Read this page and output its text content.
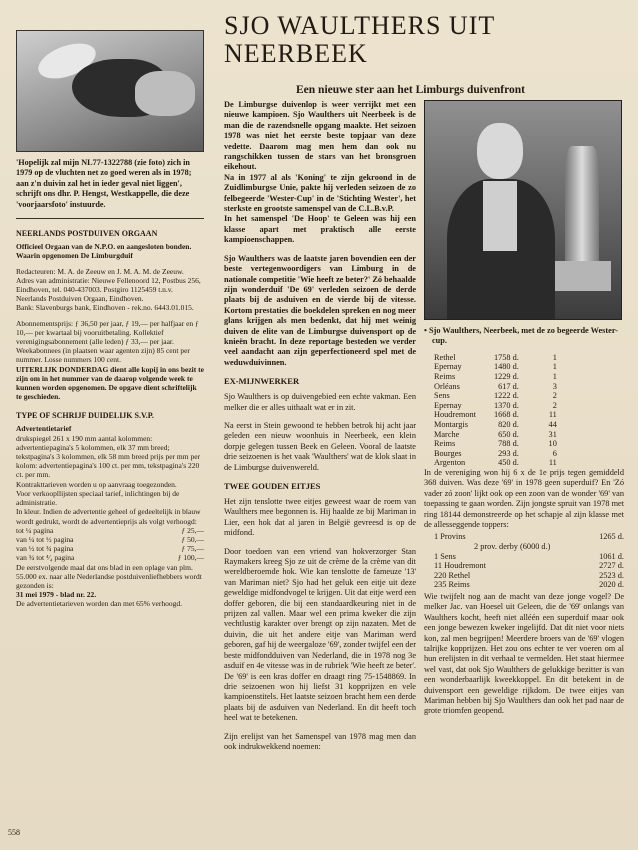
'Hopelijk zal mijn NL77-1322788 (zie foto) zich in 1979 op de vluchten net zo goed weren als in 1978; aan z'n duivin zal het in ieder geval niet liggen', schrijft ons dhr. P. Hengst, Westkappelle, die deze 'voorjaarsfoto' instuurde.

NEERLANDS POSTDUIVEN ORGAAN

Officieel Orgaan van de N.P.O. en aangesloten bonden.

Waarin opgenomen De Limburgduif

Redacteuren: M. A. de Zeeuw en J. M. A. M. de Zeeuw.

Adres van administratie: Nieuwe Fellenoord 12, Postbus 256, Eindhoven, tel. 040-437003. Postgiro 1125459 t.n.v. Neerlands Postduiven Orgaan, Eindhoven.

Bank: Slavenburgs bank, Eindhoven - rek.no. 6443.01.015.

Abonnementsprijs: ƒ 36,50 per jaar, ƒ 19,— per halfjaar en ƒ 10,— per kwartaal bij vooruitbetaling. Kollektief verenigingsabonnement (alle leden) ƒ 33,— per jaar. Weekabonnees (in plaatsen waar agenten zijn) 85 cent per nummer. Losse nummers 100 cent.

UITERLIJK DONDERDAG dient alle kopij in ons bezit te zijn om in het nummer van de daarop volgende week te kunnen worden opgenomen. De opgave dient schriftelijk te geschieden.

TYPE OF SCHRIJF DUIDELIJK S.V.P.

Advertentietarief

drukspiegel 261 x 190 mm aantal kolommen: advertentiepagina's 5 kolommen, elk 37 mm breed; tekstpagina's 3 kolommen, elk 58 mm breed prijs per mm per kolom: advertentiepagina's 100 ct. per mm, tekstpagina's 220 ct. per mm.

Kontrakttarieven worden u op aanvraag toegezonden.

Voor verkoopllijsten speciaal tarief, inlichtingen bij de administratie.

In kleur. Indien de advertentie geheel of gedeeltelijk in blauw wordt gedrukt, wordt de advertentieprijs als volgt verhoogd:

tot ¼ pagina	ƒ 25,—
van ¼ tot ½ pagina	ƒ 50,—
van ½ tot ¾ pagina	ƒ 75,—
van ¾ tot ⁴⁄₄ pagina	ƒ 100,—

De eerstvolgende maal dat ons blad in een oplage van plm. 55.000 ex. naar alle Nederlandse postduivenliefhebbers wordt gezonden is:

31 mei 1979 - blad nr. 22.

De advertentietarieven worden dan met 65% verhoogd.

SJO WAULTHERS UIT NEERBEEK
Een nieuwe ster aan het Limburgs duivenfront

De Limburgse duivenlop is weer verrijkt met een nieuwe kampioen. Sjo Waulthers uit Neerbeek is de man die de razendsnelle opgang maakte. Het seizoen 1978 was niet het eerste beste topjaar van deze vedette. Daarom mag men hem dan ook nu rangschikken tussen de stars van het bronsgroen eikehout.
Na in 1977 al als 'Koning' te zijn gekroond in de Zuidlimburgse Unie, pakte hij verleden seizoen de zo felbegeerde 'Wester-Cup' in de 'Stichting Wester', het sterkste en grootste samenspel van de C.L.B.v.P.
In het samenspel 'De Hoop' te Geleen was hij een klasse apart met praktisch alle eerste kampioenschappen.

Sjo Waulthers was de laatste jaren bovendien een der beste vertegenwoordigers van Limburg in de nationale competitie 'Wie heeft ze beter?' Zó behaalde zijn wonderduif 'De 69' verleden seizoen de derde plaats bij de asduiven en de vierde bij de vitesse. Kortom prestaties die boekdelen spreken en nog meer glans krijgen als men bedenkt, dat hij met weinig duiven de elite van de Limburgse duivensport op de knieën bracht. In deze reportage besteden we verder veel aandacht aan zijn geperfectioneerd spel met de weduwduivinnen.

EX-MIJNWERKER

Sjo Waulthers is op duivengebied een echte vakman. Een melker die er alles uithaalt wat er in zit.

Na eerst in Stein gewoond te hebben betrok hij acht jaar geleden een nieuw woonhuis in Neerbeek, een klein dorpje gelegen tussen Beek en Geleen. Vooral de laatste drie seizoenen is het vaak 'Waulthers' wat de klok slaat in de Limburgse duivenwereld.

TWEE GOUDEN EITJES

Het zijn tenslotte twee eitjes geweest waar de roem van Waulthers mee begonnen is. Hij haalde ze bij Mariman in Lier, een hok dat al jaren in België gevreesd is op de midfond.

Door toedoen van een vriend van hokverzorger Stan Raymakers kreeg Sjo ze uit de crème de la crème van dit wereldberoemde hok. Wie kan tenslotte de fameuze '13' van Mariman niet? Sjo had het geluk een eitje uit deze geweldige midfondvogel te krijgen. Uit dat eitje werd een doffer geboren, die bij een standaardkeuring niet in de prijzen zal vallen. Maar wel een prima kweker die zijn vechtlustig karakter over brengt op zijn nazaten. Met de duivin, die uit het andere eitje van Mariman werd geboren, gaf hij de weergaloze '69', zonder twijfel een der beste midfondduiven van Nederland, die in 1978 nog 3e asduif en 4e vitesse was in de rubriek 'Wie heeft ze beter'. De '69' is een kras doffer en draagt ring 75-1548869. In drie seizoenen won hij liefst 31 kopprijzen en vele kampioenstitels. Het laatste seizoen bracht hem een derde plaats bij de asduiven van Nederland. En dit heeft toch heel wat te betekenen.

Zijn erelijst van het Samenspel van 1978 mag men dan ook indrukwekkend noemen:

• Sjo Waulthers, Neerbeek, met de zo begeerde Wester-cup.

Rethel	1758 d.	1
Epernay	1480 d.	1
Reims	1229 d.	1
Orléans	617 d.	3
Sens	1222 d.	2
Epernay	1370 d.	2
Houdremont	1668 d.	11
Montargis	820 d.	44
Marche	650 d.	31
Reims	788 d.	10
Bourges	293 d.	6
Argenton	450 d.	11

In de vereniging won hij 6 x de 1e prijs tegen gemiddeld 368 duiven. Was deze '69' in 1978 geen superduif? En 'Zó vader zó zoon' lijkt ook op een zoon van de wonder '69' van toepassing te gaan worden. Zijn jongste spruit van 1978 met ring 18144 demonstreerde op het schapje al zijn klasse met de allesseggende toppers:

1 Provins	1265 d.
2 prov. derby (6000 d.)	
1 Sens	1061 d.
11 Houdremont	2727 d.
220 Rethel	2523 d.
235 Reims	2020 d.

Wie twijfelt nog aan de macht van deze jonge vogel? De melker Jac. van Hoesel uit Geleen, die de '69' onlangs van Waulthers kocht, heeft niet alléén een superduif maar ook een jonge bewezen kweker ingelijfd. Dat dit niet voor niets kon, zal men begrijpen! Meerdere broers van de '69' vlogen talrijke kopprijzen. Het zou ons echter te ver voeren om al hun erelijsten in dit verhaal te vermelden. Het staat hiermee wel vast, dat ook Sjo Waulthers de gelukkige bezitter is van een wonderbaarlijk kweekkoppel. En dit betekent in de duivensport een geweldige rijkdom. De twee eitjes van Mariman hebben bij Sjo Waulthers dan ook het pad naar de grote triomfen geopend.

558
